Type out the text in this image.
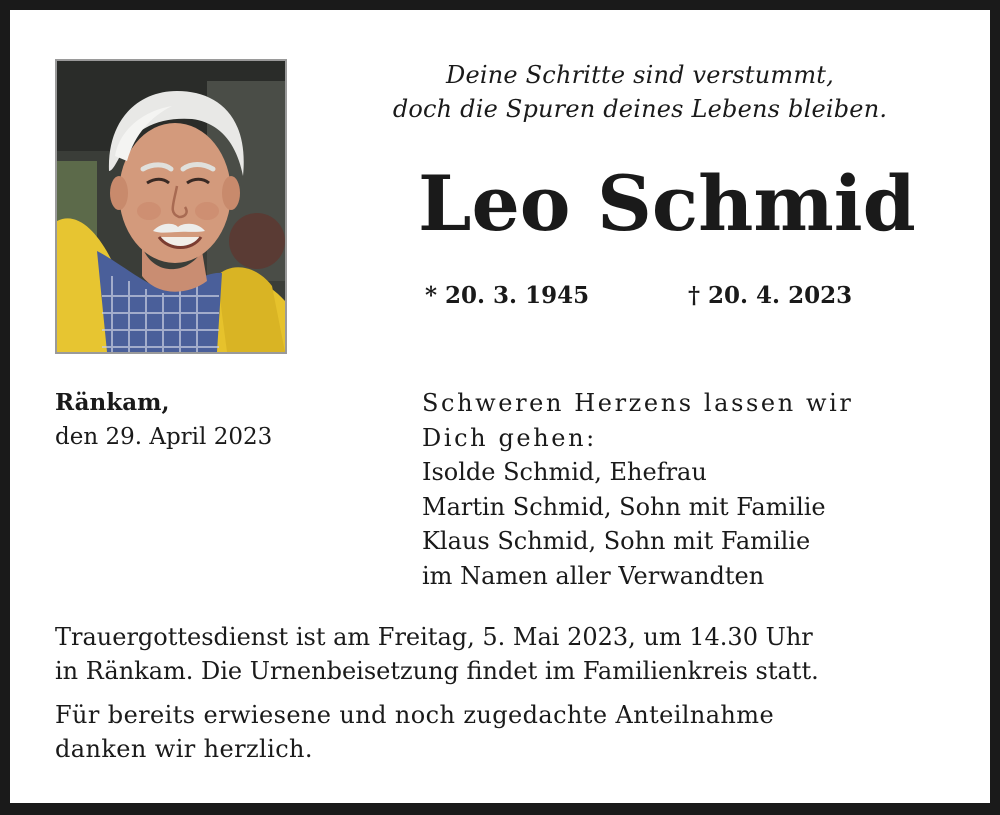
Deine Schritte sind verstummt,
doch die Spuren deines Lebens bleiben.
Leo Schmid
* 20. 3. 1945	† 20. 4. 2023
Ränkam,
den 29. April 2023
Schweren Herzens lassen wir
Dich gehen:
Isolde Schmid, Ehefrau
Martin Schmid, Sohn mit Familie
Klaus Schmid, Sohn mit Familie
im Namen aller Verwandten
Trauergottesdienst ist am Freitag, 5. Mai 2023, um 14.30 Uhr
in Ränkam. Die Urnenbeisetzung findet im Familienkreis statt.
Für bereits erwiesene und noch zugedachte Anteilnahme
danken wir herzlich.
